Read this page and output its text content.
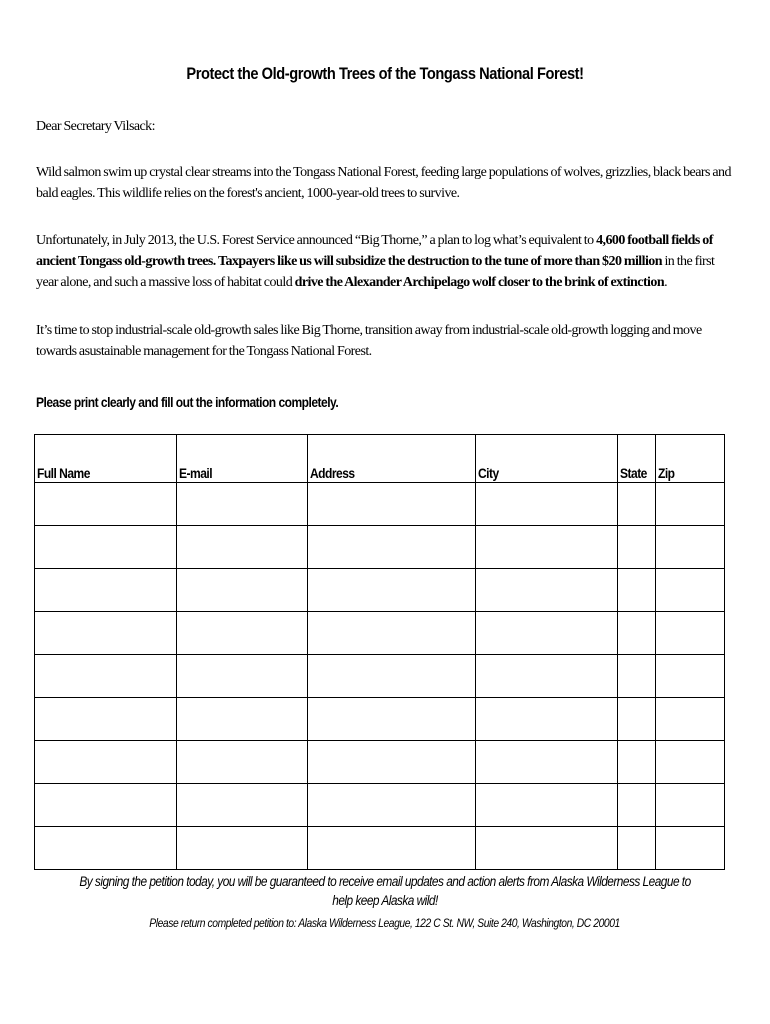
Protect the Old-growth Trees of the Tongass National Forest!
Dear Secretary Vilsack:
Wild salmon swim up crystal clear streams into the Tongass National Forest, feeding large populations of wolves, grizzlies, black bears and bald eagles. This wildlife relies on the forest's ancient, 1000-year-old trees to survive.
Unfortunately, in July 2013, the U.S. Forest Service announced “Big Thorne,” a plan to log what’s equivalent to 4,600 football fields of ancient Tongass old-growth trees. Taxpayers like us will subsidize the destruction to the tune of more than $20 million in the first year alone, and such a massive loss of habitat could drive the Alexander Archipelago wolf closer to the brink of extinction.
It’s time to stop industrial-scale old-growth sales like Big Thorne, transition away from industrial-scale old-growth logging and move towards asustainable management for the Tongass National Forest.
Please print clearly and fill out the information completely.
Full Name	E-mail	Address	City	State	Zip

By signing the petition today, you will be guaranteed to receive email updates and action alerts from Alaska Wilderness League to help keep Alaska wild!
Please return completed petition to: Alaska Wilderness League, 122 C St. NW, Suite 240, Washington, DC 20001
